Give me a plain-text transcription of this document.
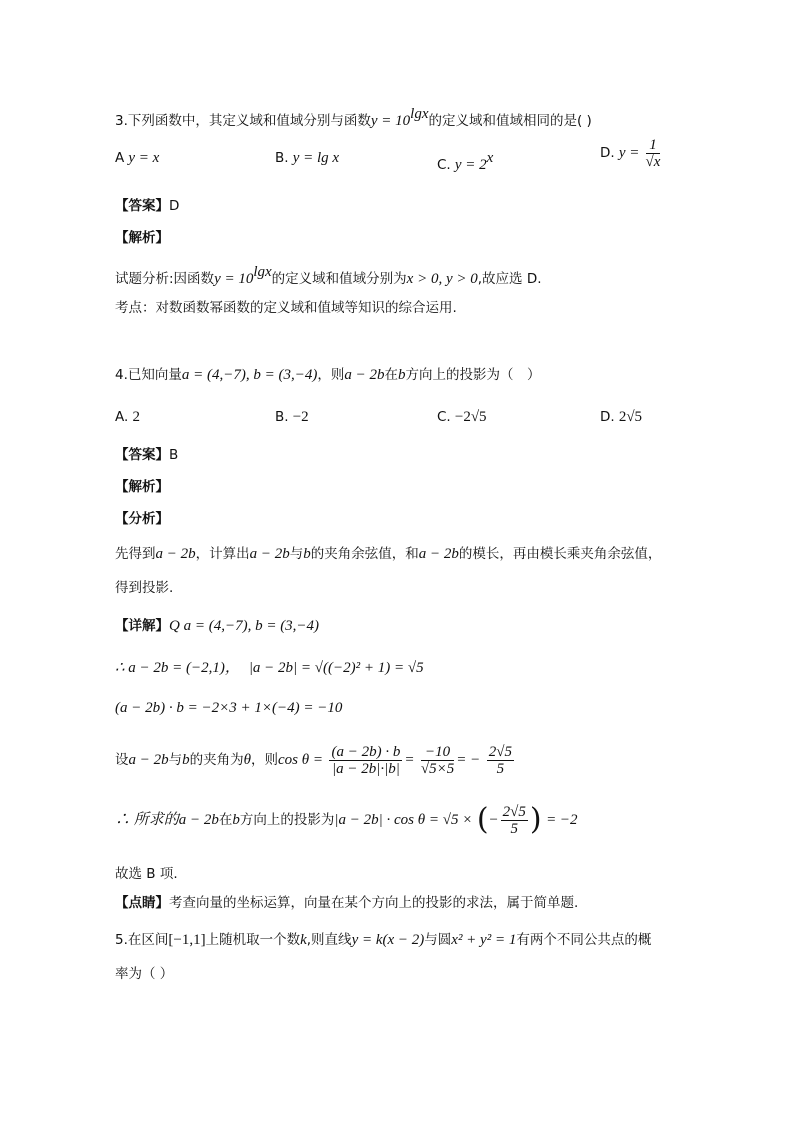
3.下列函数中，其定义域和值域分别与函数$y = 10^{lgx}$的定义域和值域相同的是( )
A y = x	B. y = lg x	C. $y = 2^x$	D. $y = \frac{1}{√x}$
【答案】D
【解析】
试题分析:因函数$y = 10^{lgx}$的定义域和值域分别为x > 0, y > 0,故应选 D.
考点：对数函数幂函数的定义域和值域等知识的综合运用.
4.已知向量a = (4,−7), b = (3,−4)，则a − 2b在b方向上的投影为（　）
A. 2	B. −2	C. −2√5	D. 2√5
【答案】B
【解析】
【分析】
先得到a − 2b，计算出a − 2b与b的夹角余弦值，和a − 2b的模长，再由模长乘夹角余弦值，
得到投影.
【详解】Q a = (4,−7), b = (3,−4)
∴ a − 2b = (−2,1)， |a − 2b| = √((−2)² + 1) = √5
(a − 2b) · b = −2×3 + 1×(−4) = −10
设a − 2b与b的夹角为θ，则$\cos \theta = \frac{(a - 2b) \cdot b}{|a - 2b|\cdot|b|} = \frac{-10}{√5\times 5}$ = − $\frac{2√5}{5}$
∴ 所求的a − 2b在b方向上的投影为|a − 2b| · cos θ = √5 × (− $\frac{2√5}{5}$ ) = −2
故选 B 项.
【点睛】考查向量的坐标运算，向量在某个方向上的投影的求法，属于简单题.
5.在区间[−1,1]上随机取一个数k,则直线y = k(x − 2)与圆x² + y² = 1有两个不同公共点的概
率为（ ）
